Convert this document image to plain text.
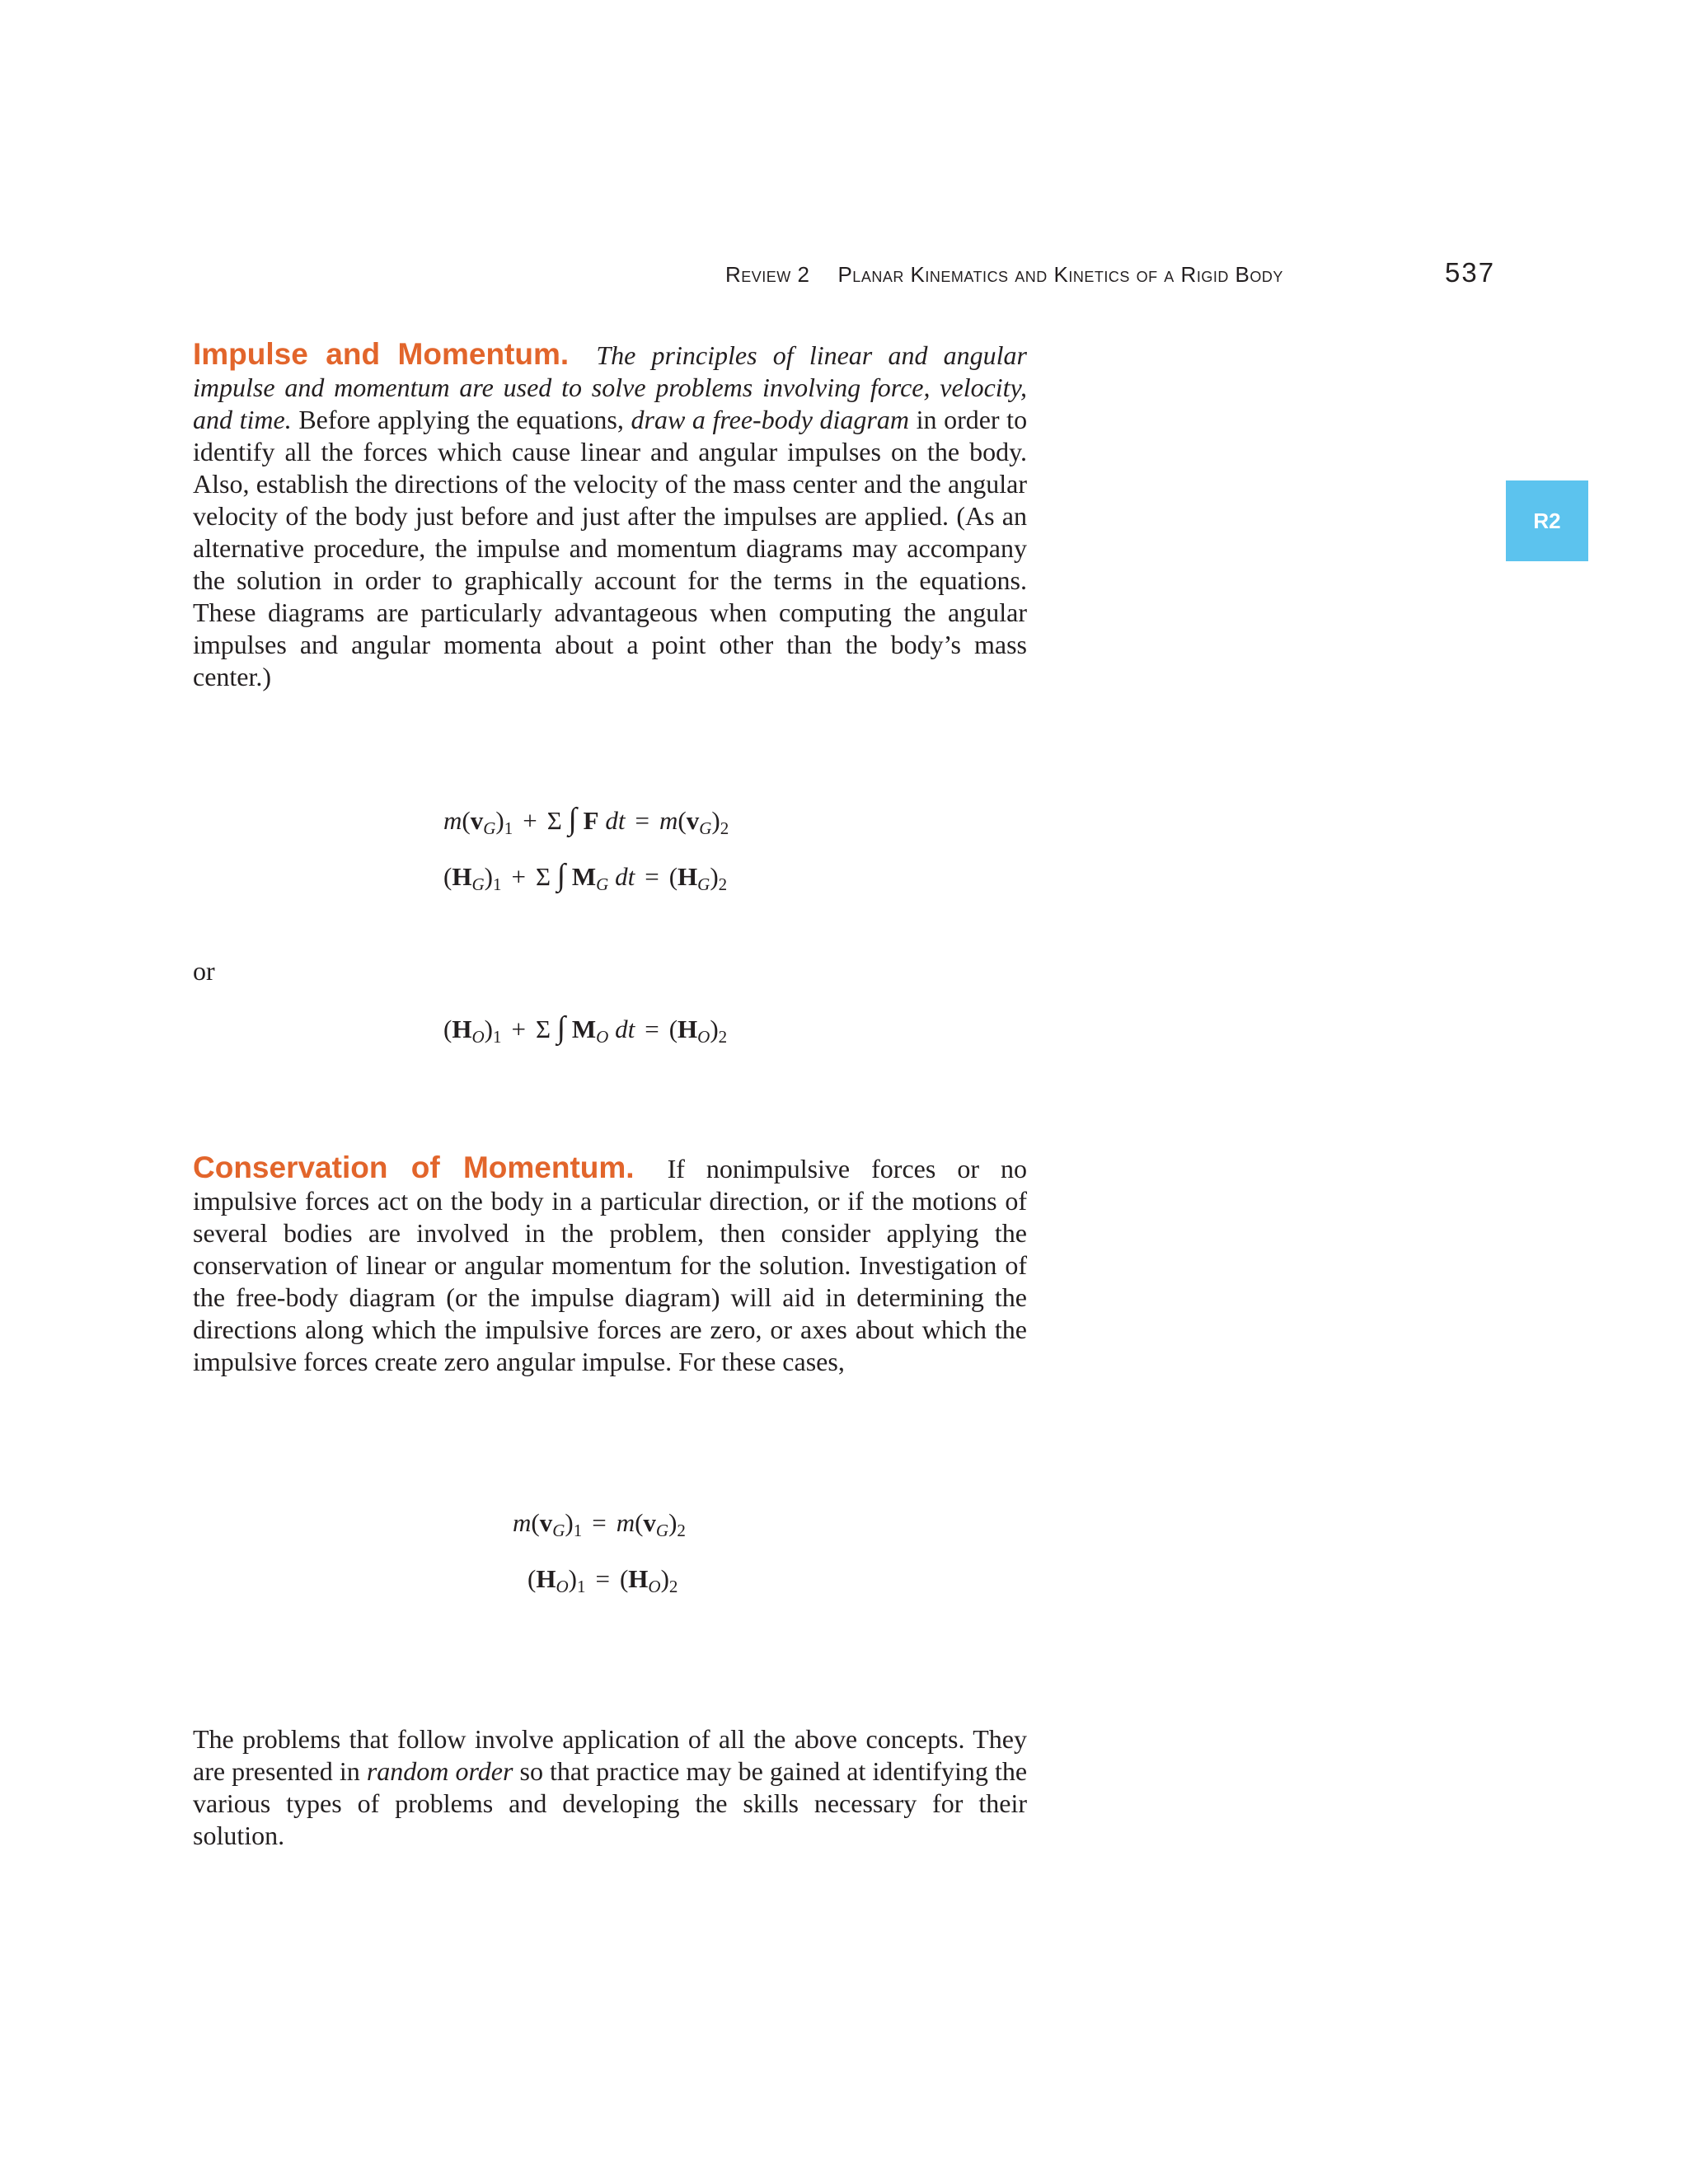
Review 2 Planar Kinematics and Kinetics of a Rigid Body	537
R2

Impulse and Momentum. The principles of linear and angular impulse and momentum are used to solve problems involving force, velocity, and time. Before applying the equations, draw a free-body diagram in order to identify all the forces which cause linear and angular impulses on the body. Also, establish the directions of the velocity of the mass center and the angular velocity of the body just before and just after the impulses are applied. (As an alternative procedure, the impulse and momentum diagrams may accompany the solution in order to graphically account for the terms in the equations. These diagrams are particularly advantageous when computing the angular impulses and angular momenta about a point other than the body’s mass center.)

$m(v_G)_1 + \Sigma$ ∫ F dt = $m(v_G)_2$
$(H_G)_1 + \Sigma$ ∫ $M_G$ dt = $(H_G)_2$
or
$(H_O)_1 + \Sigma$ ∫ $M_O$ dt = $(H_O)_2$

Conservation of Momentum. If nonimpulsive forces or no impulsive forces act on the body in a particular direction, or if the motions of several bodies are involved in the problem, then consider applying the conservation of linear or angular momentum for the solution. Investigation of the free-body diagram (or the impulse diagram) will aid in determining the directions along which the impulsive forces are zero, or axes about which the impulsive forces create zero angular impulse. For these cases,

$m(v_G)_1 = m(v_G)_2$
$(H_O)_1 = (H_O)_2$

The problems that follow involve application of all the above concepts. They are presented in random order so that practice may be gained at identifying the various types of problems and developing the skills necessary for their solution.
